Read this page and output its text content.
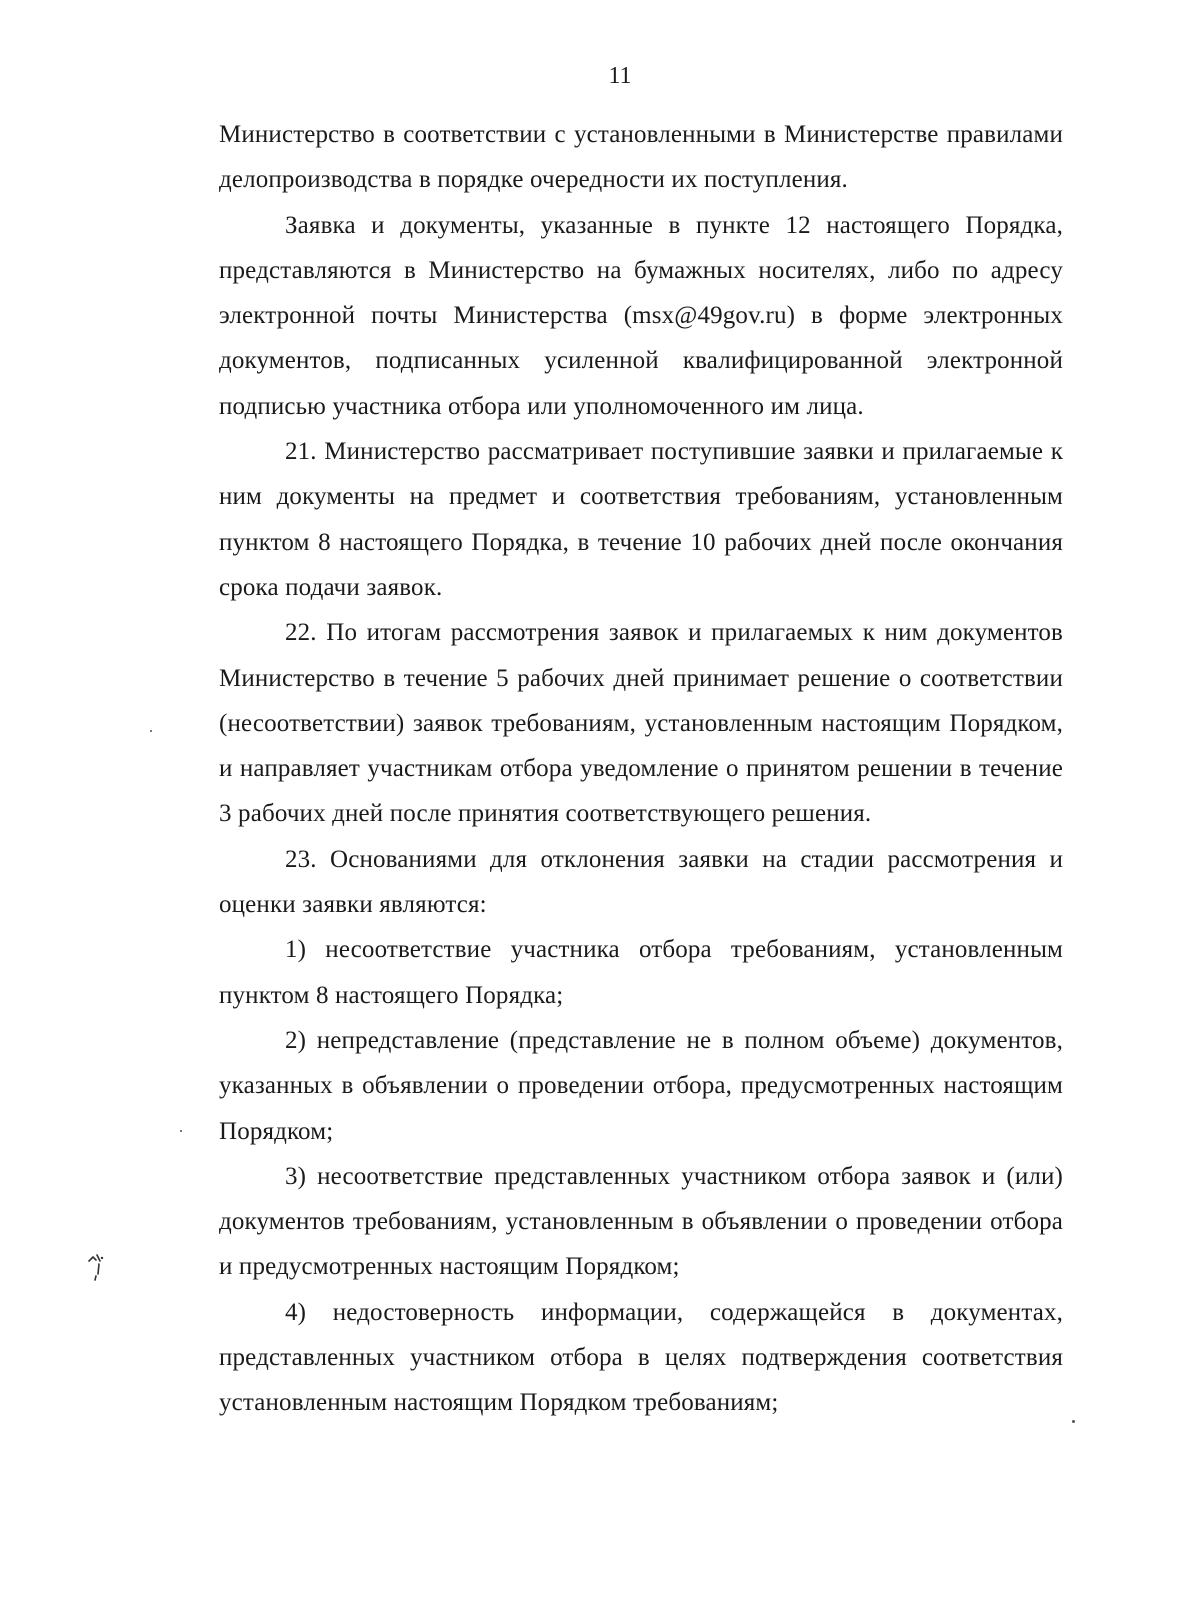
11

Министерство в соответствии с установленными в Министерстве правилами делопроизводства в порядке очередности их поступления.

Заявка и документы, указанные в пункте 12 настоящего Порядка, представляются в Министерство на бумажных носителях, либо по адресу электронной почты Министерства (msx@49gov.ru) в форме электронных документов, подписанных усиленной квалифицированной электронной подписью участника отбора или уполномоченного им лица.

21. Министерство рассматривает поступившие заявки и прилагаемые к ним документы на предмет и соответствия требованиям, установленным пунктом 8 настоящего Порядка, в течение 10 рабочих дней после окончания срока подачи заявок.

22. По итогам рассмотрения заявок и прилагаемых к ним документов Министерство в течение 5 рабочих дней принимает решение о соответствии (несоответствии) заявок требованиям, установленным настоящим Порядком, и направляет участникам отбора уведомление о принятом решении в течение 3 рабочих дней после принятия соответствующего решения.

23. Основаниями для отклонения заявки на стадии рассмотрения и оценки заявки являются:

1) несоответствие участника отбора требованиям, установленным пунктом 8 настоящего Порядка;

2) непредставление (представление не в полном объеме) документов, указанных в объявлении о проведении отбора, предусмотренных настоящим Порядком;

3) несоответствие представленных участником отбора заявок и (или) документов требованиям, установленным в объявлении о проведении отбора и предусмотренных настоящим Порядком;

4) недостоверность информации, содержащейся в документах, представленных участником отбора в целях подтверждения соответствия установленным настоящим Порядком требованиям;
